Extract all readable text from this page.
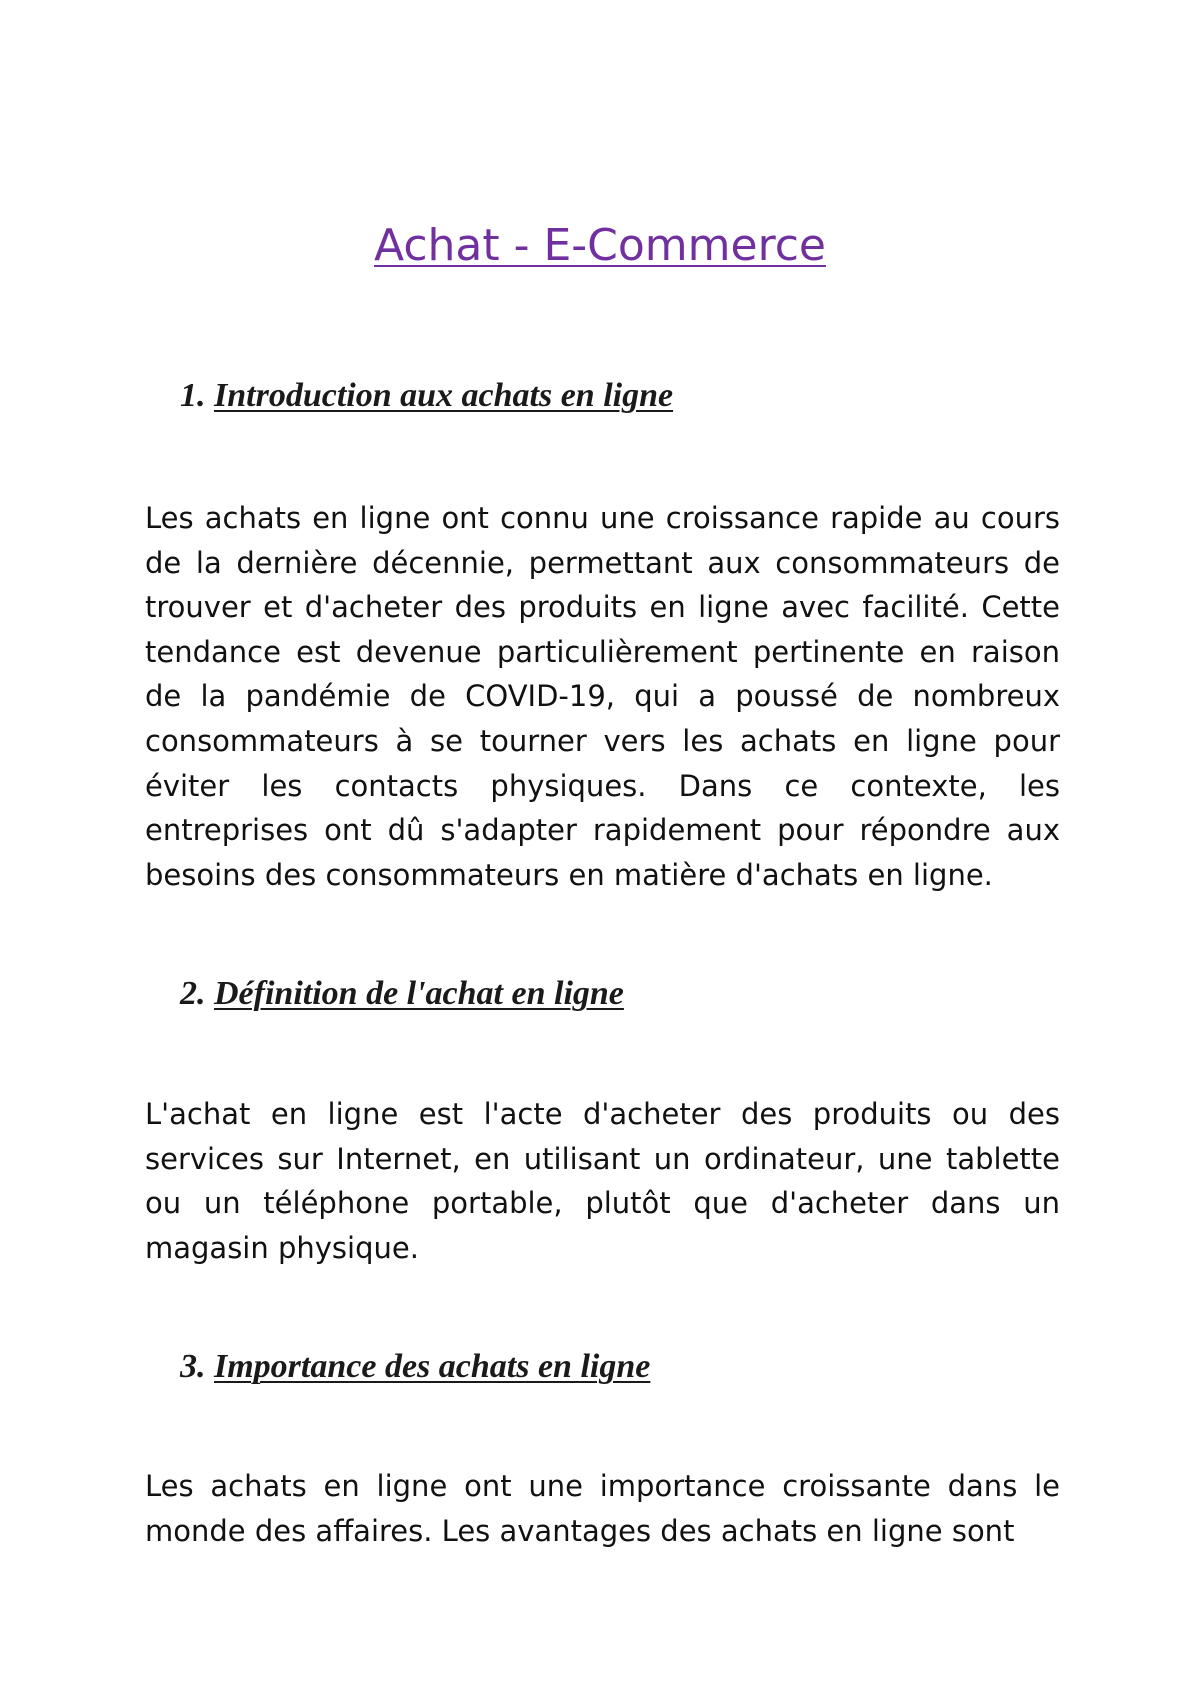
Achat - E-Commerce
1. Introduction aux achats en ligne

Les achats en ligne ont connu une croissance rapide au cours de la dernière décennie, permettant aux consommateurs de trouver et d'acheter des produits en ligne avec facilité. Cette tendance est devenue particulièrement pertinente en raison de la pandémie de COVID-19, qui a poussé de nombreux consommateurs à se tourner vers les achats en ligne pour éviter les contacts physiques. Dans ce contexte, les entreprises ont dû s'adapter rapidement pour répondre aux besoins des consommateurs en matière d'achats en ligne.

2. Définition de l'achat en ligne

L'achat en ligne est l'acte d'acheter des produits ou des services sur Internet, en utilisant un ordinateur, une tablette ou un téléphone portable, plutôt que d'acheter dans un magasin physique.

3. Importance des achats en ligne

Les achats en ligne ont une importance croissante dans le monde des affaires. Les avantages des achats en ligne sont
